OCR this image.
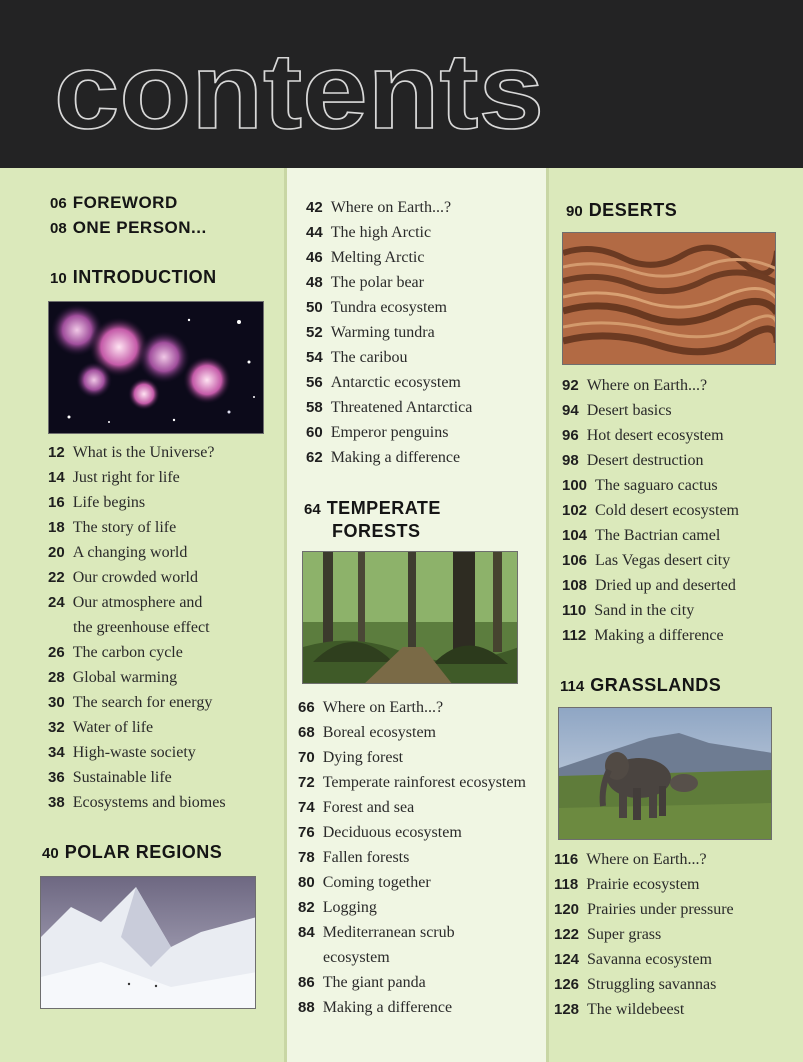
contents
06 FOREWORD
08 ONE PERSON...
10 INTRODUCTION
12 What is the Universe?
14 Just right for life
16 Life begins
18 The story of life
20 A changing world
22 Our crowded world
24 Our atmosphere and
the greenhouse effect
26 The carbon cycle
28 Global warming
30 The search for energy
32 Water of life
34 High-waste society
36 Sustainable life
38 Ecosystems and biomes
40 POLAR REGIONS
42 Where on Earth...?
44 The high Arctic
46 Melting Arctic
48 The polar bear
50 Tundra ecosystem
52 Warming tundra
54 The caribou
56 Antarctic ecosystem
58 Threatened Antarctica
60 Emperor penguins
62 Making a difference
64 TEMPERATE
FORESTS
66 Where on Earth...?
68 Boreal ecosystem
70 Dying forest
72 Temperate rainforest ecosystem
74 Forest and sea
76 Deciduous ecosystem
78 Fallen forests
80 Coming together
82 Logging
84 Mediterranean scrub
ecosystem
86 The giant panda
88 Making a difference
90 DESERTS
92 Where on Earth...?
94 Desert basics
96 Hot desert ecosystem
98 Desert destruction
100 The saguaro cactus
102 Cold desert ecosystem
104 The Bactrian camel
106 Las Vegas desert city
108 Dried up and deserted
110 Sand in the city
112 Making a difference
114 GRASSLANDS
116 Where on Earth...?
118 Prairie ecosystem
120 Prairies under pressure
122 Super grass
124 Savanna ecosystem
126 Struggling savannas
128 The wildebeest
